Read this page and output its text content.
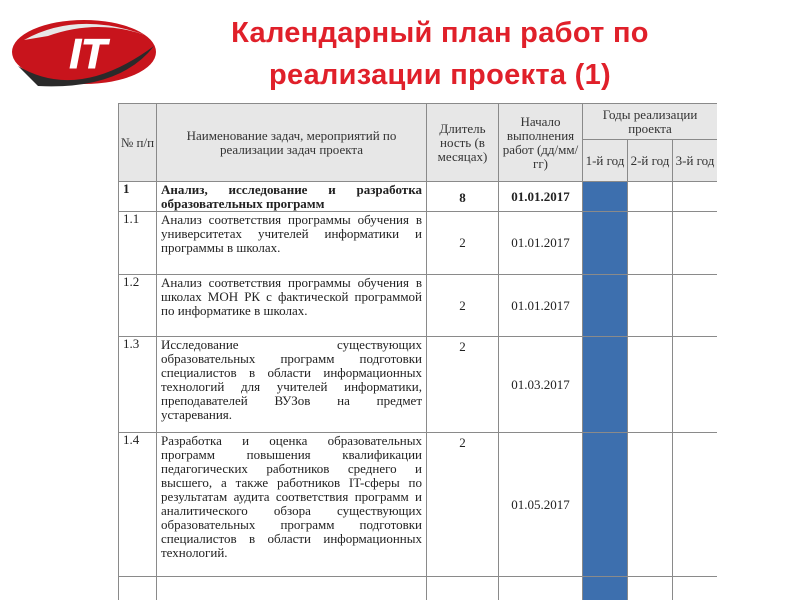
IT	Календарный план работ по
реализации проекта (1)
№ п/п	Наименование задач, мероприятий по реализации задач проекта	Длитель ность (в месяцах)	Начало выполнения работ (дд/мм/гг)	Годы реализации проекта		
				1-й год	2-й год	3-й год
1	Анализ, исследование и разработка образовательных программ	8	01.01.2017			
1.1	Анализ соответствия программы обучения в университетах учителей информатики и программы в школах.	2	01.01.2017			
1.2	Анализ соответствия программы обучения в школах МОН РК с фактической программой по информатике в школах.	2	01.01.2017			
1.3	Исследование существующих образовательных программ подготовки специалистов в области информационных технологий для учителей информатики, преподавателей ВУЗов на предмет устаревания.	2	01.03.2017			
1.4	Разработка и оценка образовательных программ повышения квалификации педагогических работников среднего и высшего, а также работников IT-сферы по результатам аудита соответствия программ и аналитического обзора существующих образовательных программ подготовки специалистов в области информационных технологий.	2	01.05.2017			
